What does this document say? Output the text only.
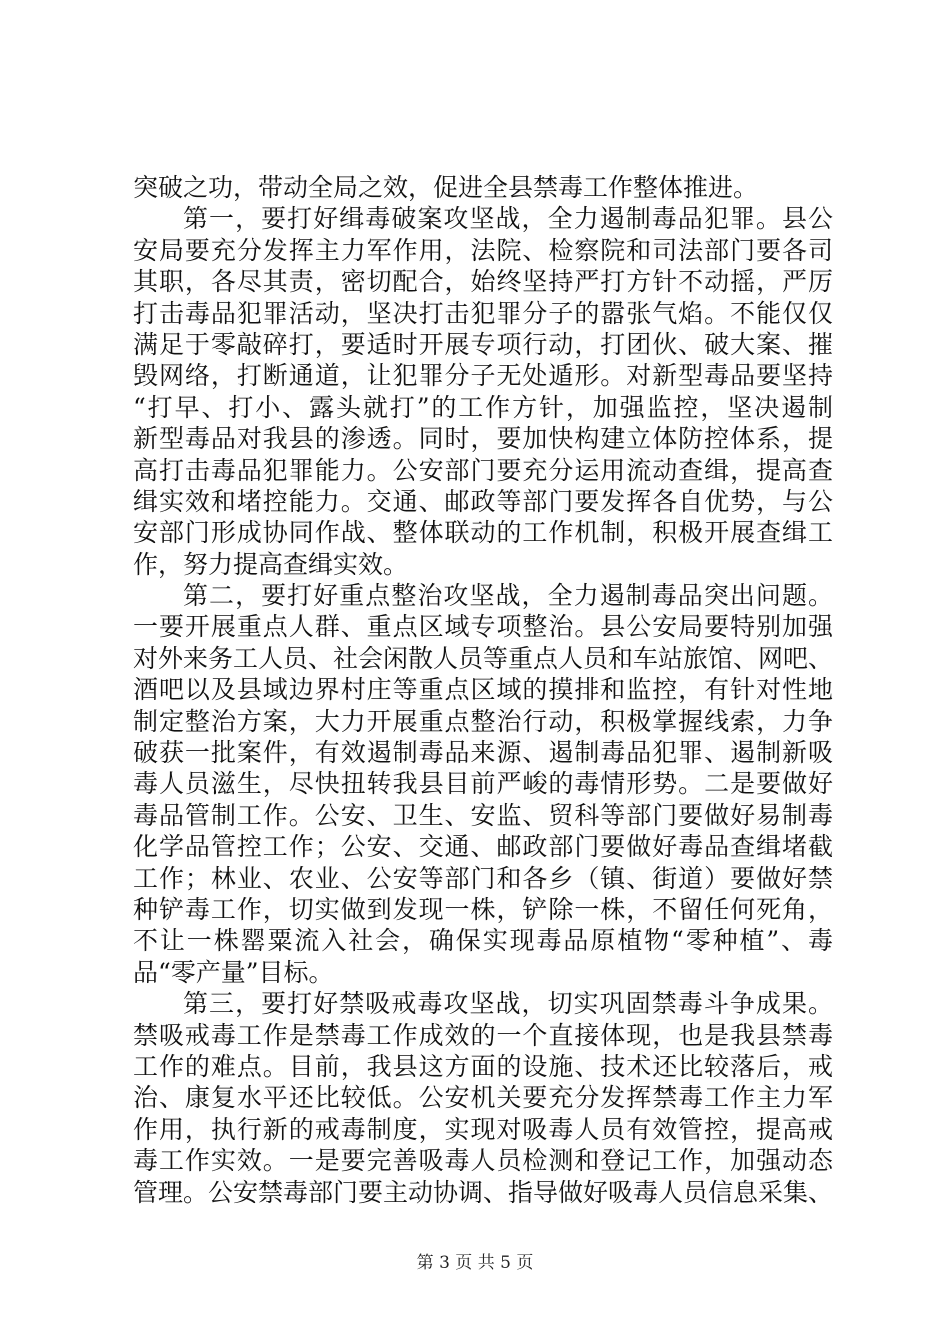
突破之功，带动全局之效，促进全县禁毒工作整体推进。
第一，要打好缉毒破案攻坚战，全力遏制毒品犯罪。县公
安局要充分发挥主力军作用，法院、检察院和司法部门要各司
其职，各尽其责，密切配合，始终坚持严打方针不动摇，严厉
打击毒品犯罪活动，坚决打击犯罪分子的嚣张气焰。不能仅仅
满足于零敲碎打，要适时开展专项行动，打团伙、破大案、摧
毁网络，打断通道，让犯罪分子无处遁形。对新型毒品要坚持
“打早、打小、露头就打”的工作方针，加强监控，坚决遏制
新型毒品对我县的渗透。同时，要加快构建立体防控体系，提
高打击毒品犯罪能力。公安部门要充分运用流动查缉，提高查
缉实效和堵控能力。交通、邮政等部门要发挥各自优势，与公
安部门形成协同作战、整体联动的工作机制，积极开展查缉工
作，努力提高查缉实效。
第二，要打好重点整治攻坚战，全力遏制毒品突出问题。
一要开展重点人群、重点区域专项整治。县公安局要特别加强
对外来务工人员、社会闲散人员等重点人员和车站旅馆、网吧、
酒吧以及县域边界村庄等重点区域的摸排和监控，有针对性地
制定整治方案，大力开展重点整治行动，积极掌握线索，力争
破获一批案件，有效遏制毒品来源、遏制毒品犯罪、遏制新吸
毒人员滋生，尽快扭转我县目前严峻的毒情形势。二是要做好
毒品管制工作。公安、卫生、安监、贸科等部门要做好易制毒
化学品管控工作；公安、交通、邮政部门要做好毒品查缉堵截
工作；林业、农业、公安等部门和各乡（镇、街道）要做好禁
种铲毒工作，切实做到发现一株，铲除一株，不留任何死角，
不让一株罂粟流入社会，确保实现毒品原植物“零种植”、毒
品“零产量”目标。
第三，要打好禁吸戒毒攻坚战，切实巩固禁毒斗争成果。
禁吸戒毒工作是禁毒工作成效的一个直接体现，也是我县禁毒
工作的难点。目前，我县这方面的设施、技术还比较落后，戒
治、康复水平还比较低。公安机关要充分发挥禁毒工作主力军
作用，执行新的戒毒制度，实现对吸毒人员有效管控，提高戒
毒工作实效。一是要完善吸毒人员检测和登记工作，加强动态
管理。公安禁毒部门要主动协调、指导做好吸毒人员信息采集、
第 3 页 共 5 页
